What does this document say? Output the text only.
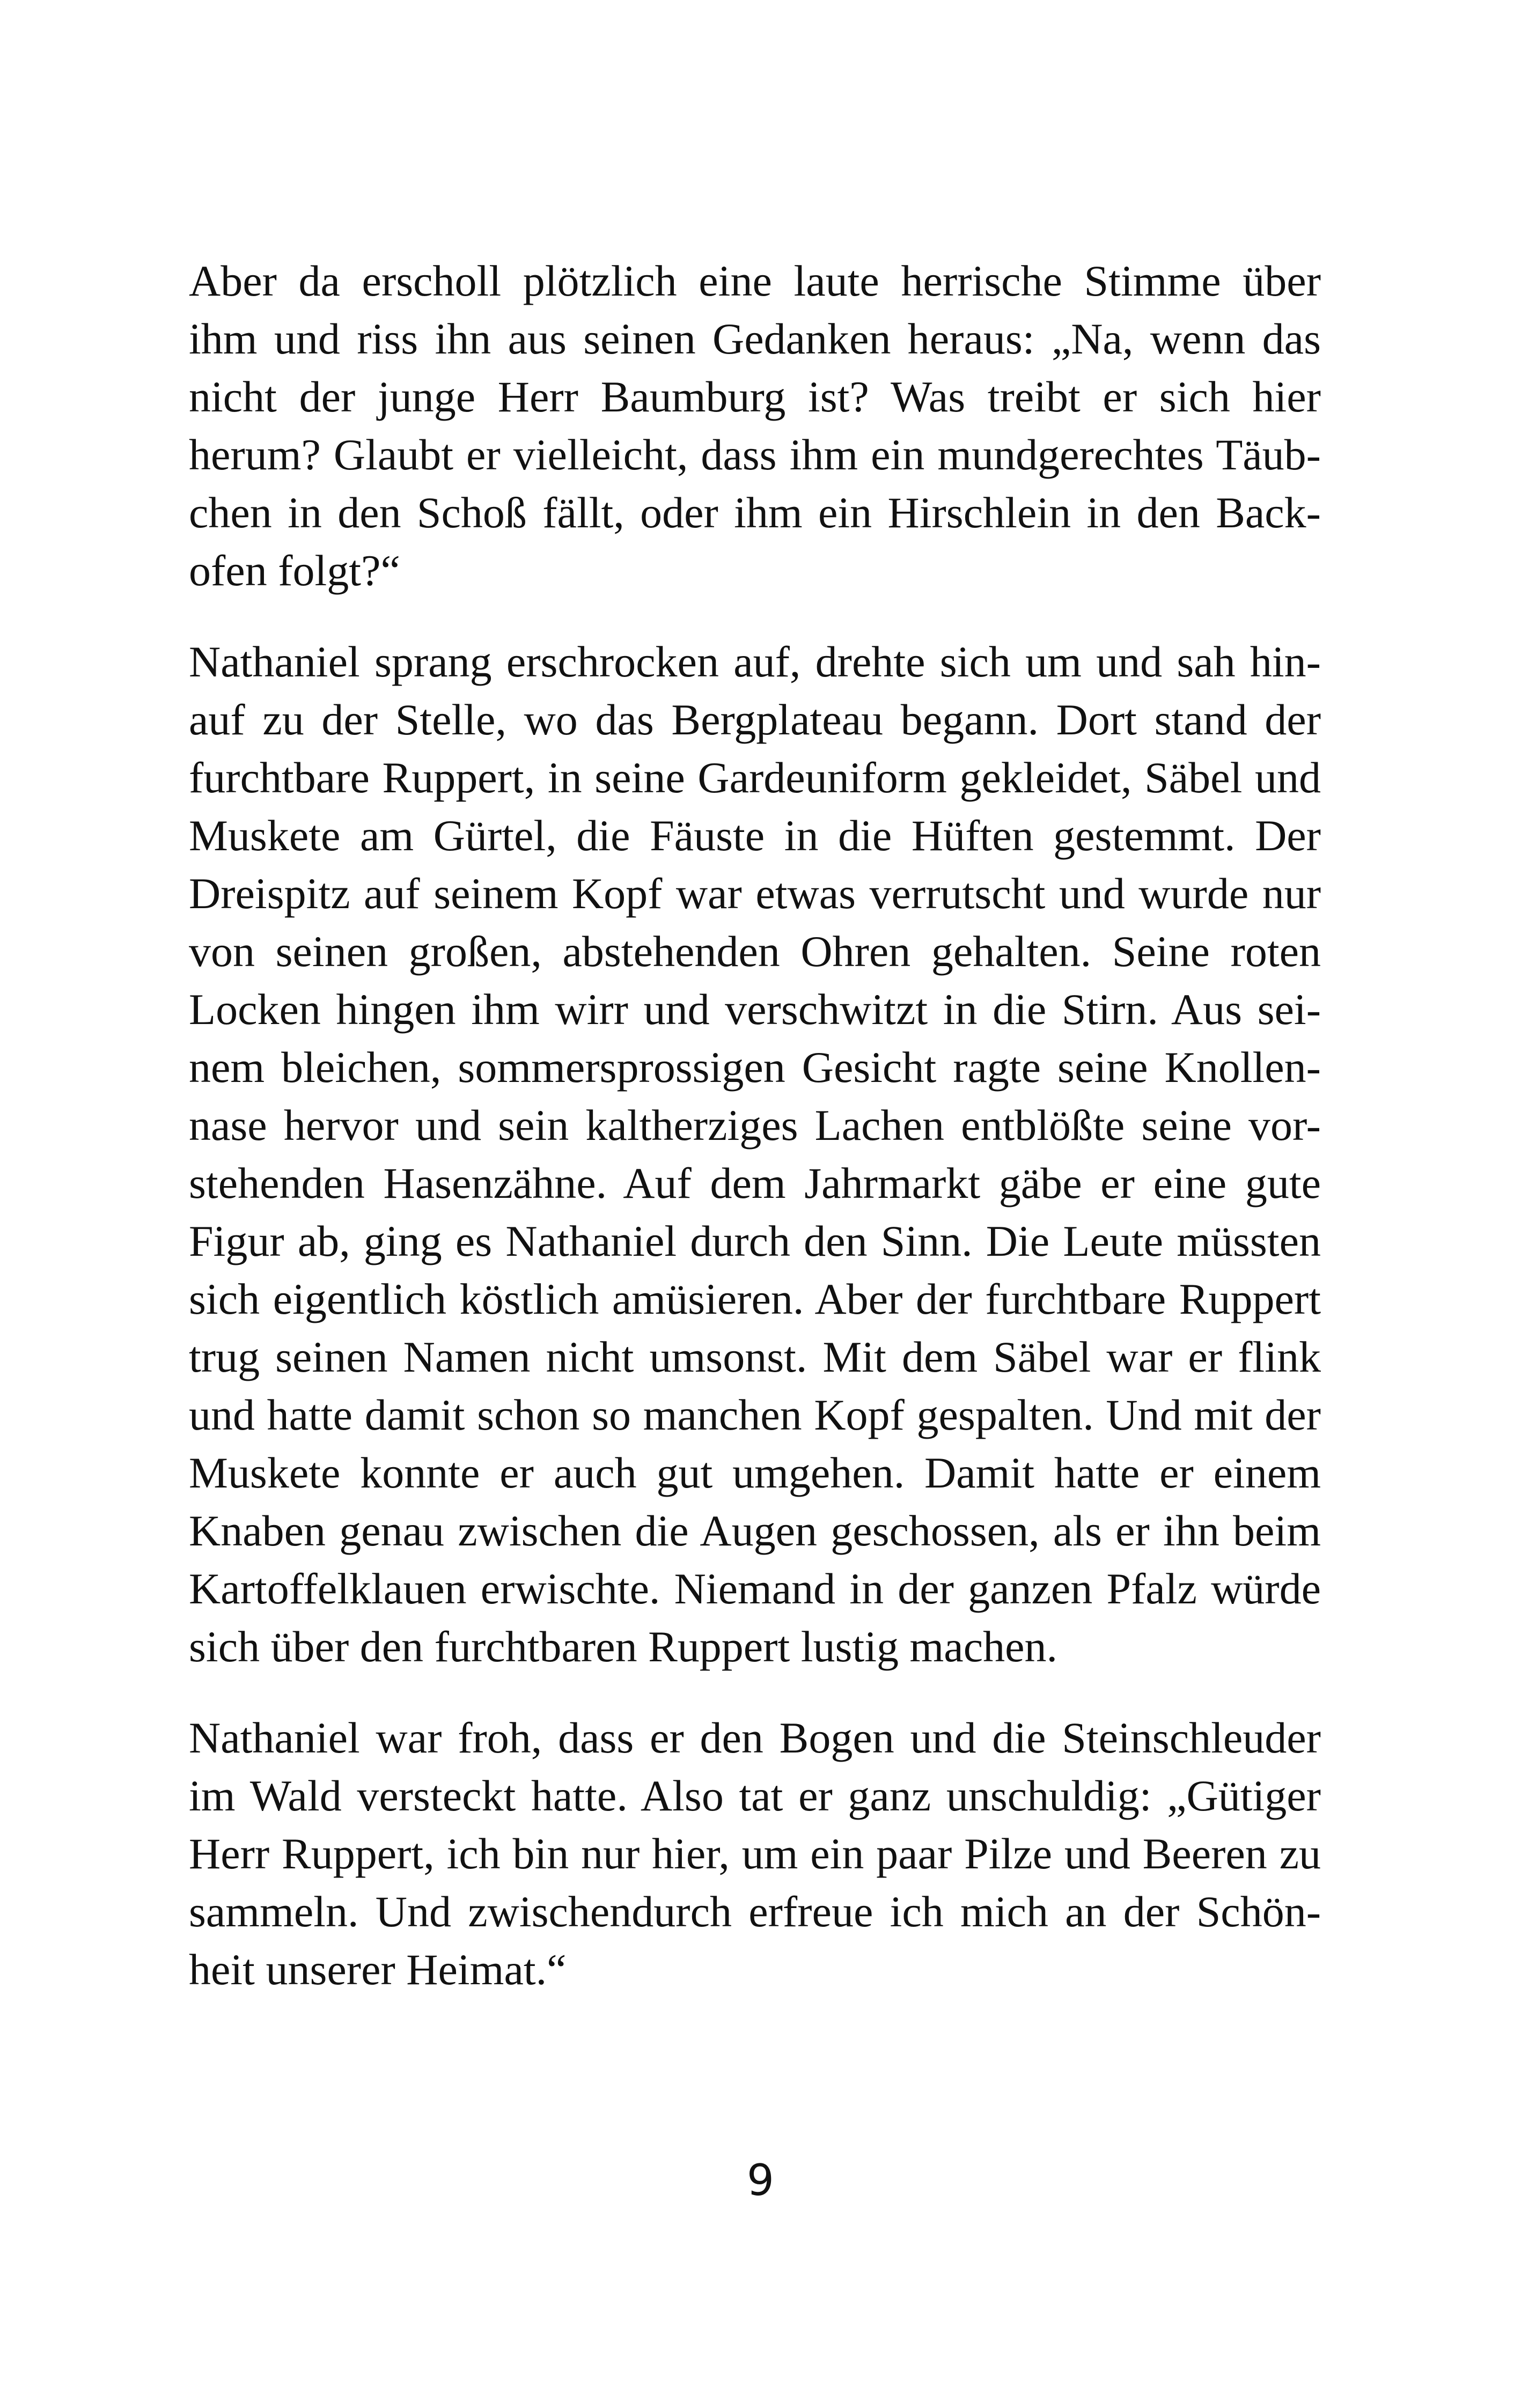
Aber da erscholl plötzlich eine laute herrische Stimme über
ihm und riss ihn aus seinen Gedanken heraus: „Na, wenn das
nicht der junge Herr Baumburg ist? Was treibt er sich hier
herum? Glaubt er vielleicht, dass ihm ein mundgerechtes Täub-
chen in den Schoß fällt, oder ihm ein Hirschlein in den Back-
ofen folgt?“

Nathaniel sprang erschrocken auf, drehte sich um und sah hin-
auf zu der Stelle, wo das Bergplateau begann. Dort stand der
furchtbare Ruppert, in seine Gardeuniform gekleidet, Säbel und
Muskete am Gürtel, die Fäuste in die Hüften gestemmt. Der
Dreispitz auf seinem Kopf war etwas verrutscht und wurde nur
von seinen großen, abstehenden Ohren gehalten. Seine roten
Locken hingen ihm wirr und verschwitzt in die Stirn. Aus sei-
nem bleichen, sommersprossigen Gesicht ragte seine Knollen-
nase hervor und sein kaltherziges Lachen entblößte seine vor-
stehenden Hasenzähne. Auf dem Jahrmarkt gäbe er eine gute
Figur ab, ging es Nathaniel durch den Sinn. Die Leute müssten
sich eigentlich köstlich amüsieren. Aber der furchtbare Ruppert
trug seinen Namen nicht umsonst. Mit dem Säbel war er flink
und hatte damit schon so manchen Kopf gespalten. Und mit der
Muskete konnte er auch gut umgehen. Damit hatte er einem
Knaben genau zwischen die Augen geschossen, als er ihn beim
Kartoffelklauen erwischte. Niemand in der ganzen Pfalz würde
sich über den furchtbaren Ruppert lustig machen.

Nathaniel war froh, dass er den Bogen und die Steinschleuder
im Wald versteckt hatte. Also tat er ganz unschuldig: „Gütiger
Herr Ruppert, ich bin nur hier, um ein paar Pilze und Beeren zu
sammeln. Und zwischendurch erfreue ich mich an der Schön-
heit unserer Heimat.“

9
